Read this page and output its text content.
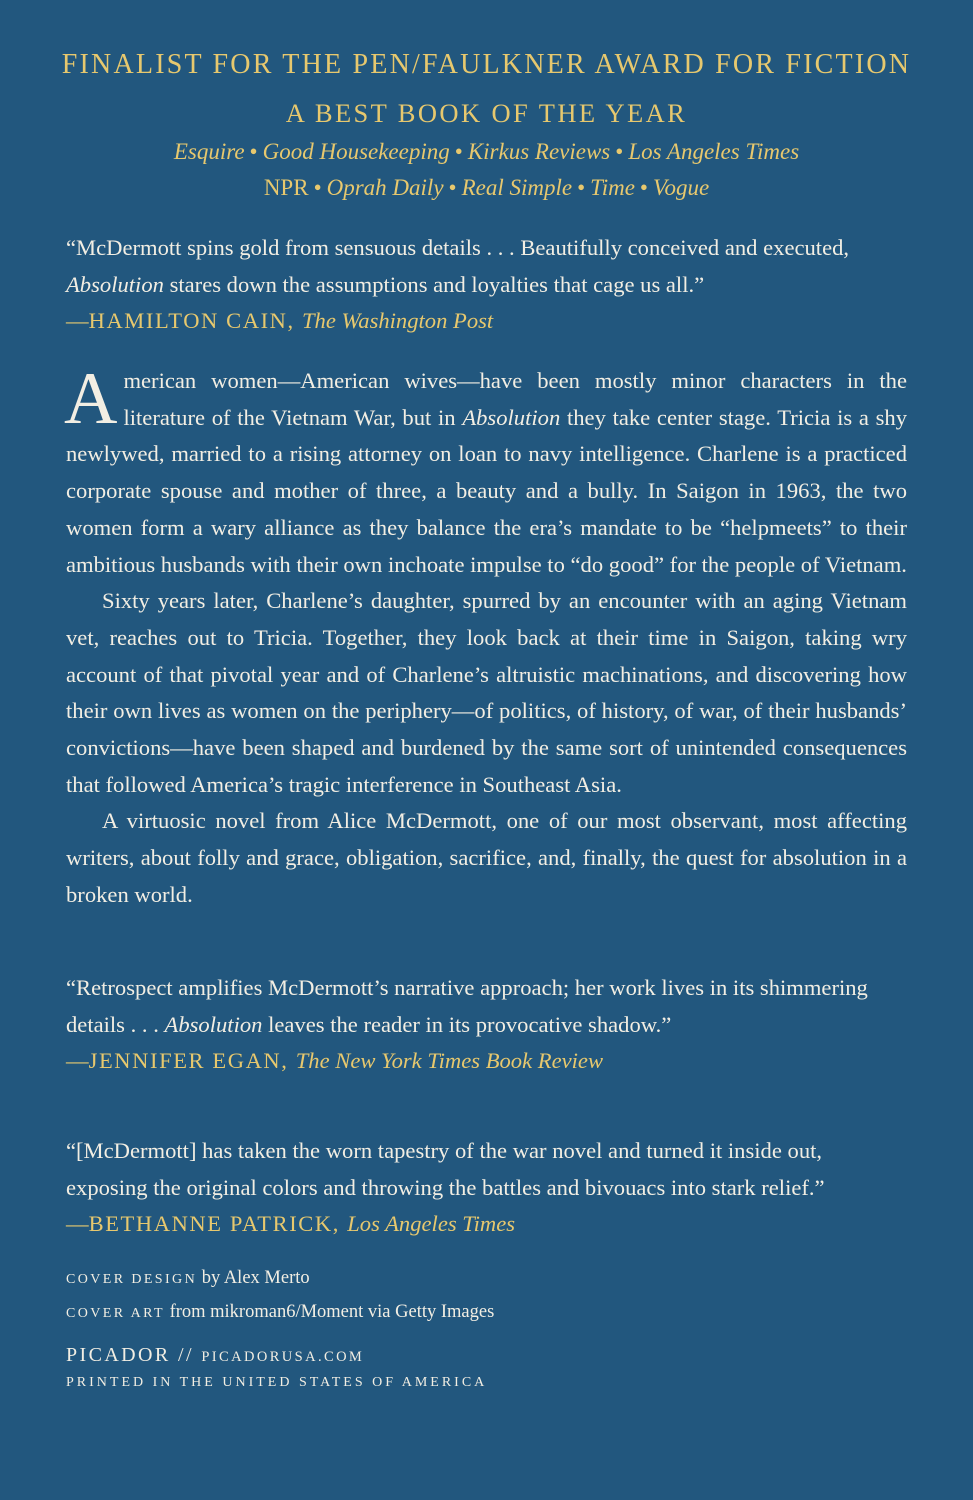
FINALIST FOR THE PEN/FAULKNER AWARD FOR FICTION
A BEST BOOK OF THE YEAR
Esquire • Good Housekeeping • Kirkus Reviews • Los Angeles Times
NPR • Oprah Daily • Real Simple • Time • Vogue
“McDermott spins gold from sensuous details . . . Beautifully conceived and executed, Absolution stares down the assumptions and loyalties that cage us all.”
—HAMILTON CAIN, The Washington Post

American women—American wives—have been mostly minor characters in the literature of the Vietnam War, but in Absolution they take center stage. Tricia is a shy newlywed, married to a rising attorney on loan to navy intelligence. Charlene is a practiced corporate spouse and mother of three, a beauty and a bully. In Saigon in 1963, the two women form a wary alliance as they balance the era’s mandate to be “helpmeets” to their ambitious husbands with their own inchoate impulse to “do good” for the people of Vietnam.

Sixty years later, Charlene’s daughter, spurred by an encounter with an aging Vietnam vet, reaches out to Tricia. Together, they look back at their time in Saigon, taking wry account of that pivotal year and of Charlene’s altruistic machinations, and discovering how their own lives as women on the periphery—of politics, of history, of war, of their husbands’ convictions—have been shaped and burdened by the same sort of unintended consequences that followed America’s tragic interference in Southeast Asia.

A virtuosic novel from Alice McDermott, one of our most observant, most affecting writers, about folly and grace, obligation, sacrifice, and, finally, the quest for absolution in a broken world.

“Retrospect amplifies McDermott’s narrative approach; her work lives in its shimmering details . . . Absolution leaves the reader in its provocative shadow.”
—JENNIFER EGAN, The New York Times Book Review
“[McDermott] has taken the worn tapestry of the war novel and turned it inside out, exposing the original colors and throwing the battles and bivouacs into stark relief.”
—BETHANNE PATRICK, Los Angeles Times
COVER DESIGN by Alex Merto
COVER ART from mikroman6/Moment via Getty Images
PICADOR // PICADORUSA.COM
PRINTED IN THE UNITED STATES OF AMERICA
